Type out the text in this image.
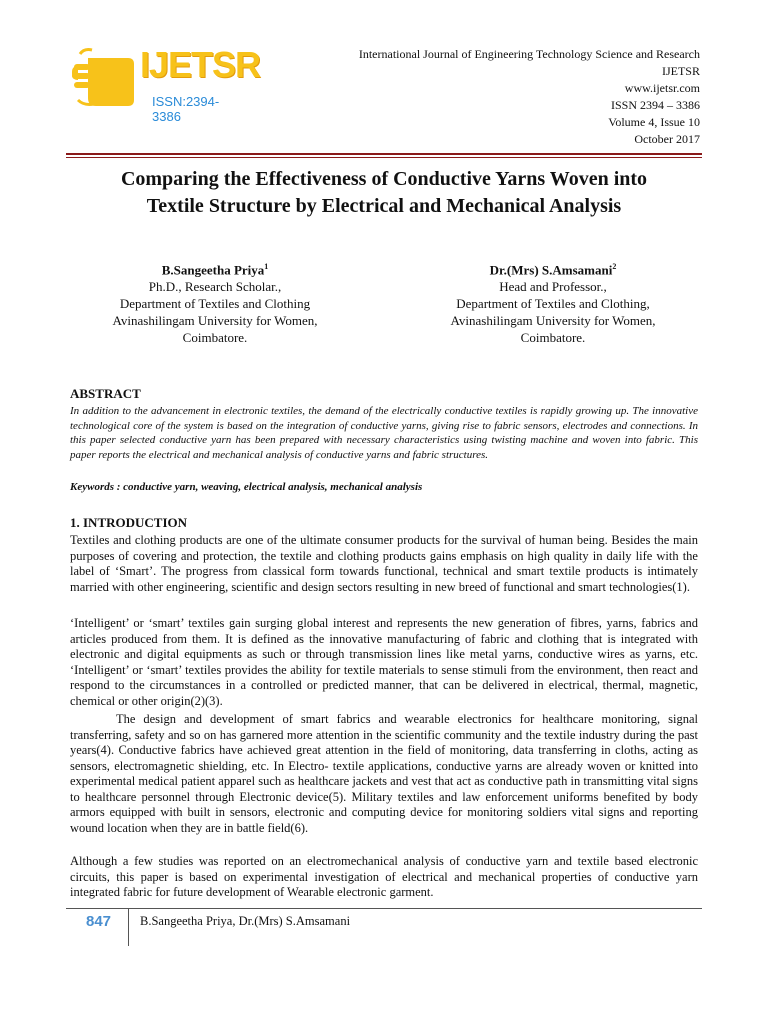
IJETSR
ISSN:2394-3386
International Journal of Engineering Technology Science and Research
IJETSR
www.ijetsr.com
ISSN 2394 – 3386
Volume 4, Issue 10
October 2017
Comparing the Effectiveness of Conductive Yarns Woven into
Textile Structure by Electrical and Mechanical Analysis
B.Sangeetha Priya$^1$
Ph.D., Research Scholar.,
Department of Textiles and Clothing
Avinashilingam University for Women,
Coimbatore.
Dr.(Mrs) S.Amsamani$^2$
Head and Professor.,
Department of Textiles and Clothing,
Avinashilingam University for Women,
Coimbatore.
ABSTRACT
In addition to the advancement in electronic textiles, the demand of the electrically conductive textiles is rapidly growing up. The innovative technological core of the system is based on the integration of conductive yarns, giving rise to fabric sensors, electrodes and connections. In this paper selected conductive yarn has been prepared with necessary characteristics using twisting machine and woven into fabric. This paper reports the electrical and mechanical analysis of conductive yarns and fabric structures.
Keywords : conductive yarn, weaving, electrical analysis, mechanical analysis
1. INTRODUCTION
Textiles and clothing products are one of the ultimate consumer products for the survival of human being. Besides the main purposes of covering and protection, the textile and clothing products gains emphasis on high quality in daily life with the label of ‘Smart’. The progress from classical form towards functional, technical and smart textile products is intimately married with other engineering, scientific and design sectors resulting in new breed of functional and smart technologies(1).
‘Intelligent’ or ‘smart’ textiles gain surging global interest and represents the new generation of fibres, yarns, fabrics and articles produced from them. It is defined as the innovative manufacturing of fabric and clothing that is integrated with electronic and digital equipments as such or through transmission lines like metal yarns, conductive wires as yarns, etc. ‘Intelligent’ or ‘smart’ textiles provides the ability for textile materials to sense stimuli from the environment, then react and respond to the circumstances in a controlled or predicted manner, that can be delivered in electrical, thermal, magnetic, chemical or other origin(2)(3).
The design and development of smart fabrics and wearable electronics for healthcare monitoring, signal transferring, safety and so on has garnered more attention in the scientific community and the textile industry during the past years(4). Conductive fabrics have achieved great attention in the field of monitoring, data transferring in cloths, acting as sensors, electromagnetic shielding, etc. In Electro- textile applications, conductive yarns are already woven or knitted into experimental medical patient apparel such as healthcare jackets and vest that act as conductive path in transmitting vital signs to healthcare personnel through Electronic device(5). Military textiles and law enforcement uniforms benefited by body armors equipped with built in sensors, electronic and computing device for monitoring soldiers vital signs and reporting wound location when they are in battle field(6).
Although a few studies was reported on an electromechanical analysis of conductive yarn and textile based electronic circuits, this paper is based on experimental investigation of electrical and mechanical properties of conductive yarn integrated fabric for future development of Wearable electronic garment.
847 B.Sangeetha Priya, Dr.(Mrs) S.Amsamani
